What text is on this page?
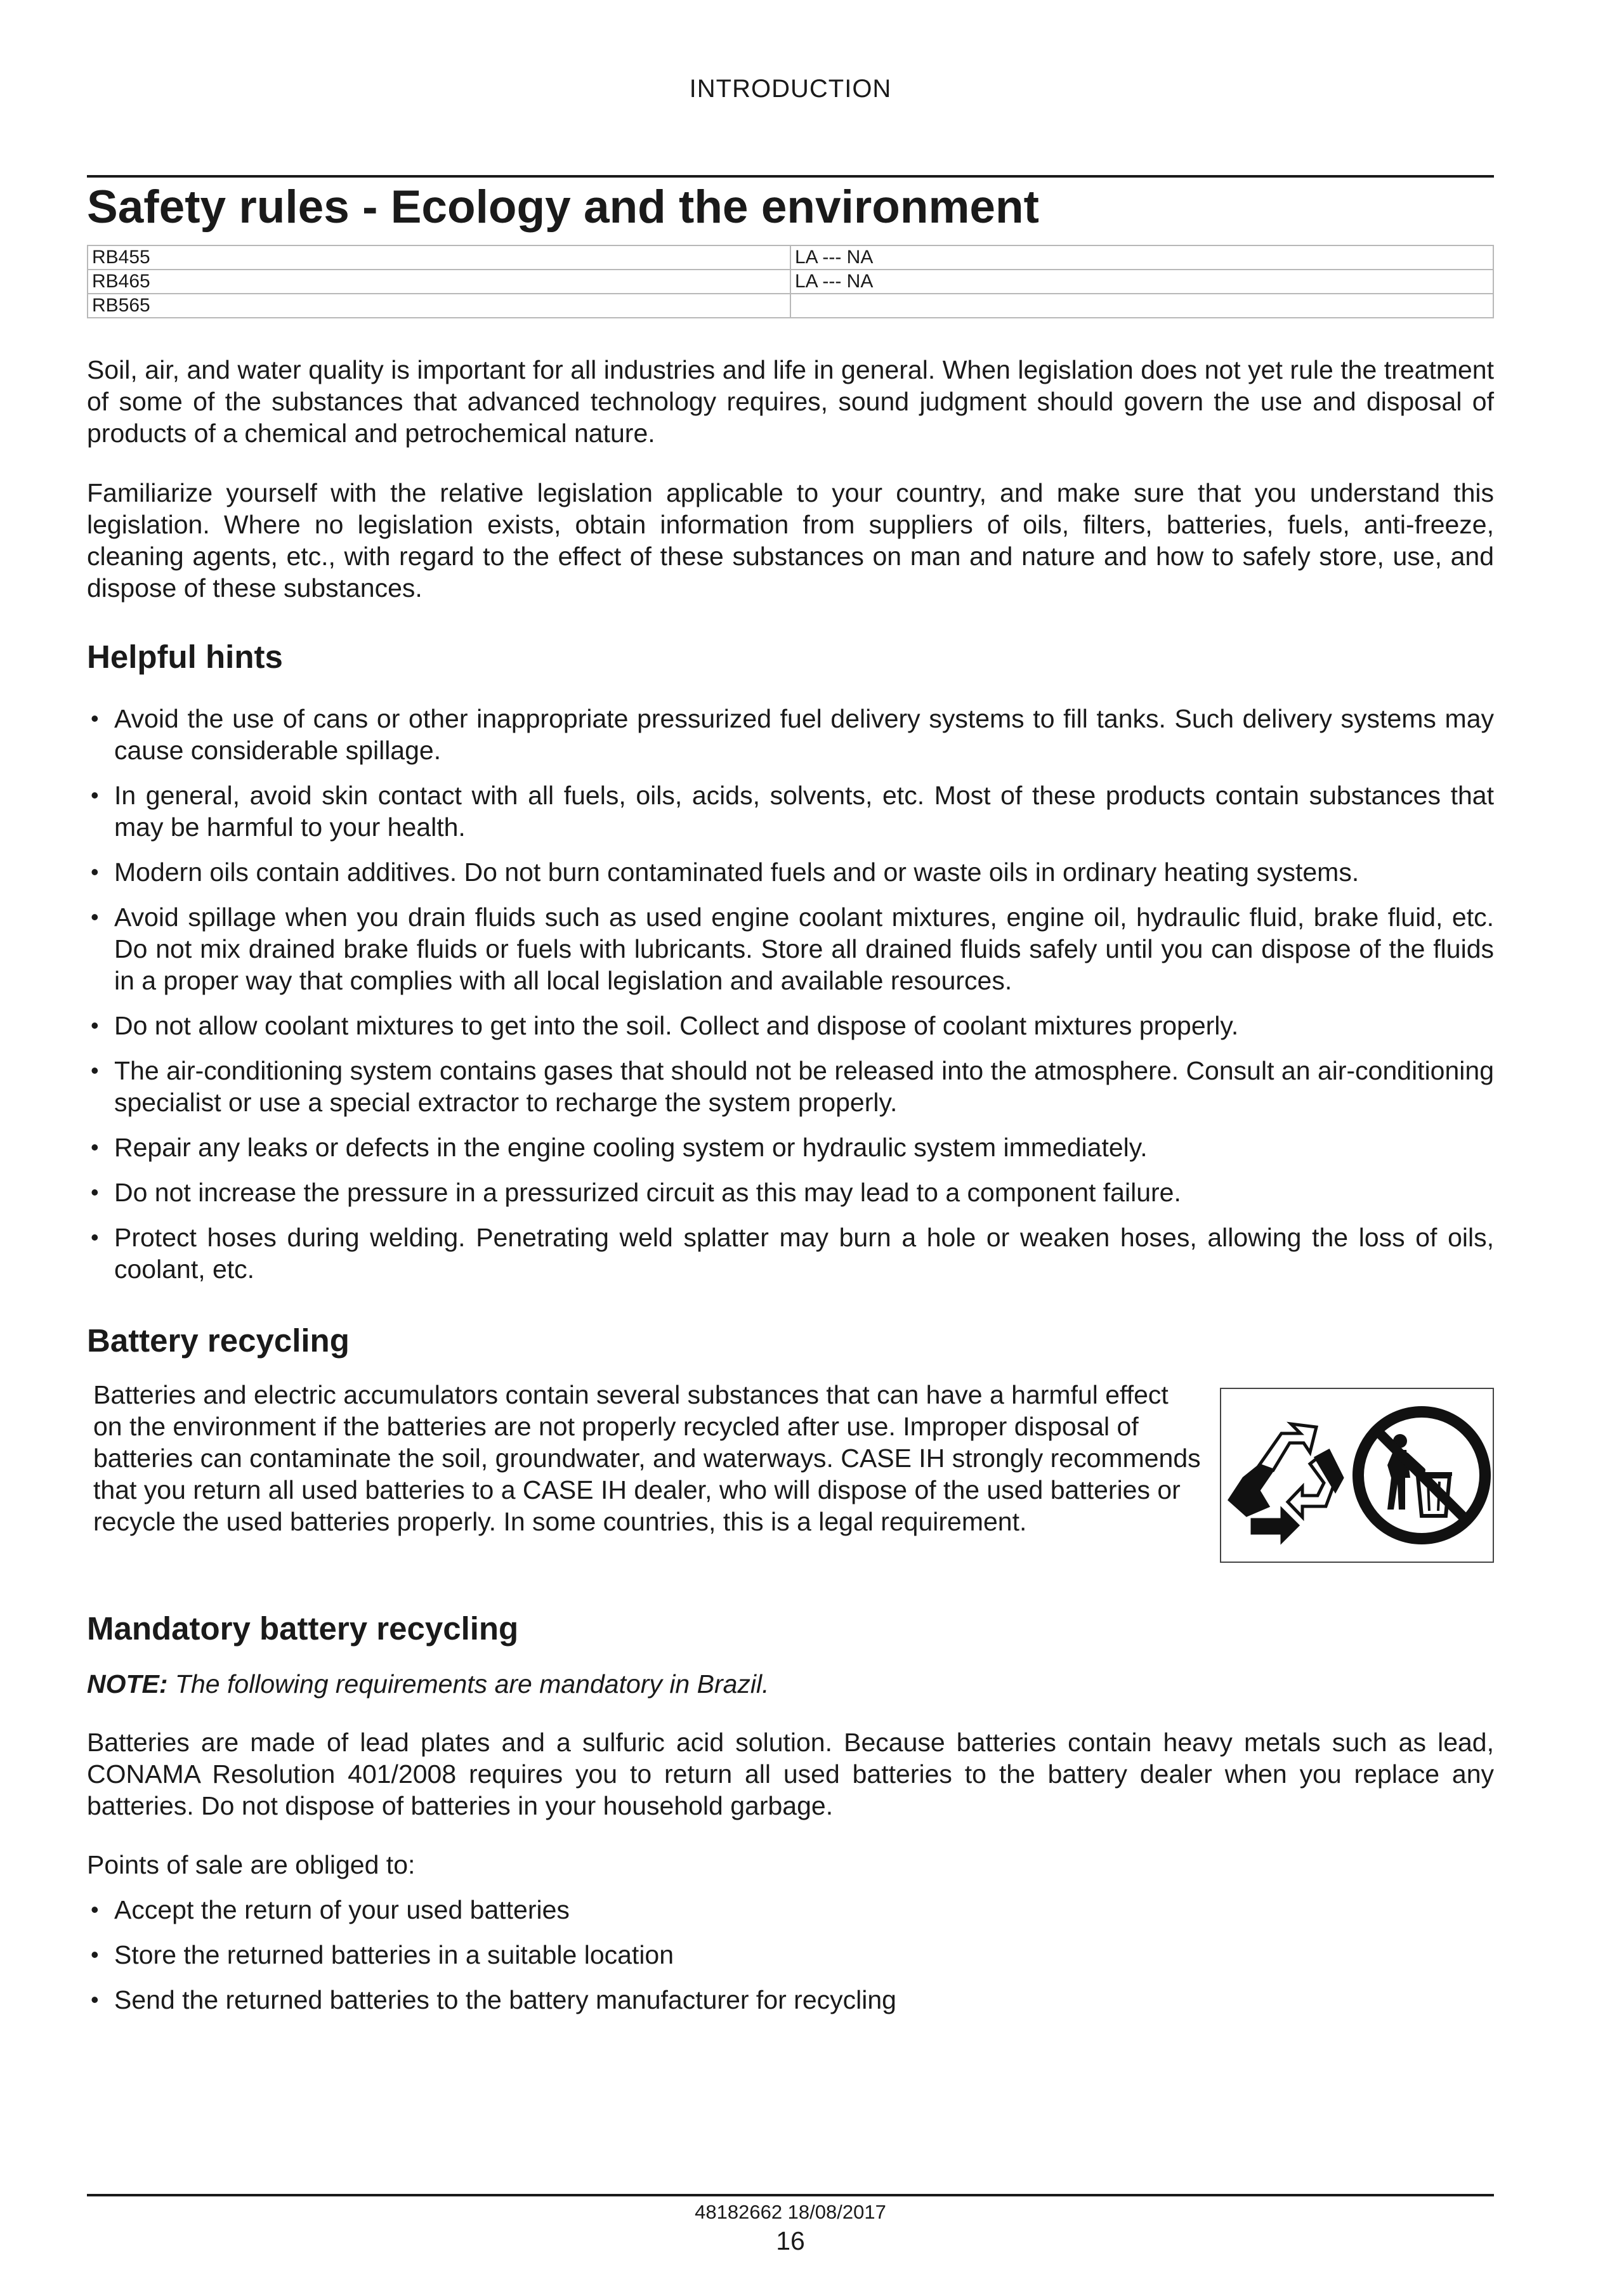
INTRODUCTION
Safety rules - Ecology and the environment
RB455	LA --- NA
RB465	LA --- NA
RB565	

Soil, air, and water quality is important for all industries and life in general. When legislation does not yet rule the treatment of some of the substances that advanced technology requires, sound judgment should govern the use and disposal of products of a chemical and petrochemical nature.

Familiarize yourself with the relative legislation applicable to your country, and make sure that you understand this legislation. Where no legislation exists, obtain information from suppliers of oils, filters, batteries, fuels, anti-freeze, cleaning agents, etc., with regard to the effect of these substances on man and nature and how to safely store, use, and dispose of these substances.

Helpful hints
• Avoid the use of cans or other inappropriate pressurized fuel delivery systems to fill tanks. Such delivery systems may cause considerable spillage.
• In general, avoid skin contact with all fuels, oils, acids, solvents, etc. Most of these products contain substances that may be harmful to your health.
• Modern oils contain additives. Do not burn contaminated fuels and or waste oils in ordinary heating systems.
• Avoid spillage when you drain fluids such as used engine coolant mixtures, engine oil, hydraulic fluid, brake fluid, etc. Do not mix drained brake fluids or fuels with lubricants. Store all drained fluids safely until you can dispose of the fluids in a proper way that complies with all local legislation and available resources.
• Do not allow coolant mixtures to get into the soil. Collect and dispose of coolant mixtures properly.
• The air-conditioning system contains gases that should not be released into the atmosphere. Consult an air-conditioning specialist or use a special extractor to recharge the system properly.
• Repair any leaks or defects in the engine cooling system or hydraulic system immediately.
• Do not increase the pressure in a pressurized circuit as this may lead to a component failure.
• Protect hoses during welding. Penetrating weld splatter may burn a hole or weaken hoses, allowing the loss of oils, coolant, etc.
Battery recycling

Batteries and electric accumulators contain several substances that can have a harmful effect on the environment if the batteries are not properly recycled after use. Improper disposal of batteries can contaminate the soil, groundwater, and waterways. CASE IH strongly recommends that you return all used batteries to a CASE IH dealer, who will dispose of the used batteries or recycle the used batteries properly. In some countries, this is a legal requirement.

Mandatory battery recycling

NOTE: The following requirements are mandatory in Brazil.

Batteries are made of lead plates and a sulfuric acid solution. Because batteries contain heavy metals such as lead, CONAMA Resolution 401/2008 requires you to return all used batteries to the battery dealer when you replace any batteries. Do not dispose of batteries in your household garbage.

Points of sale are obliged to:

• Accept the return of your used batteries
• Store the returned batteries in a suitable location
• Send the returned batteries to the battery manufacturer for recycling
48182662 18/08/2017
16
